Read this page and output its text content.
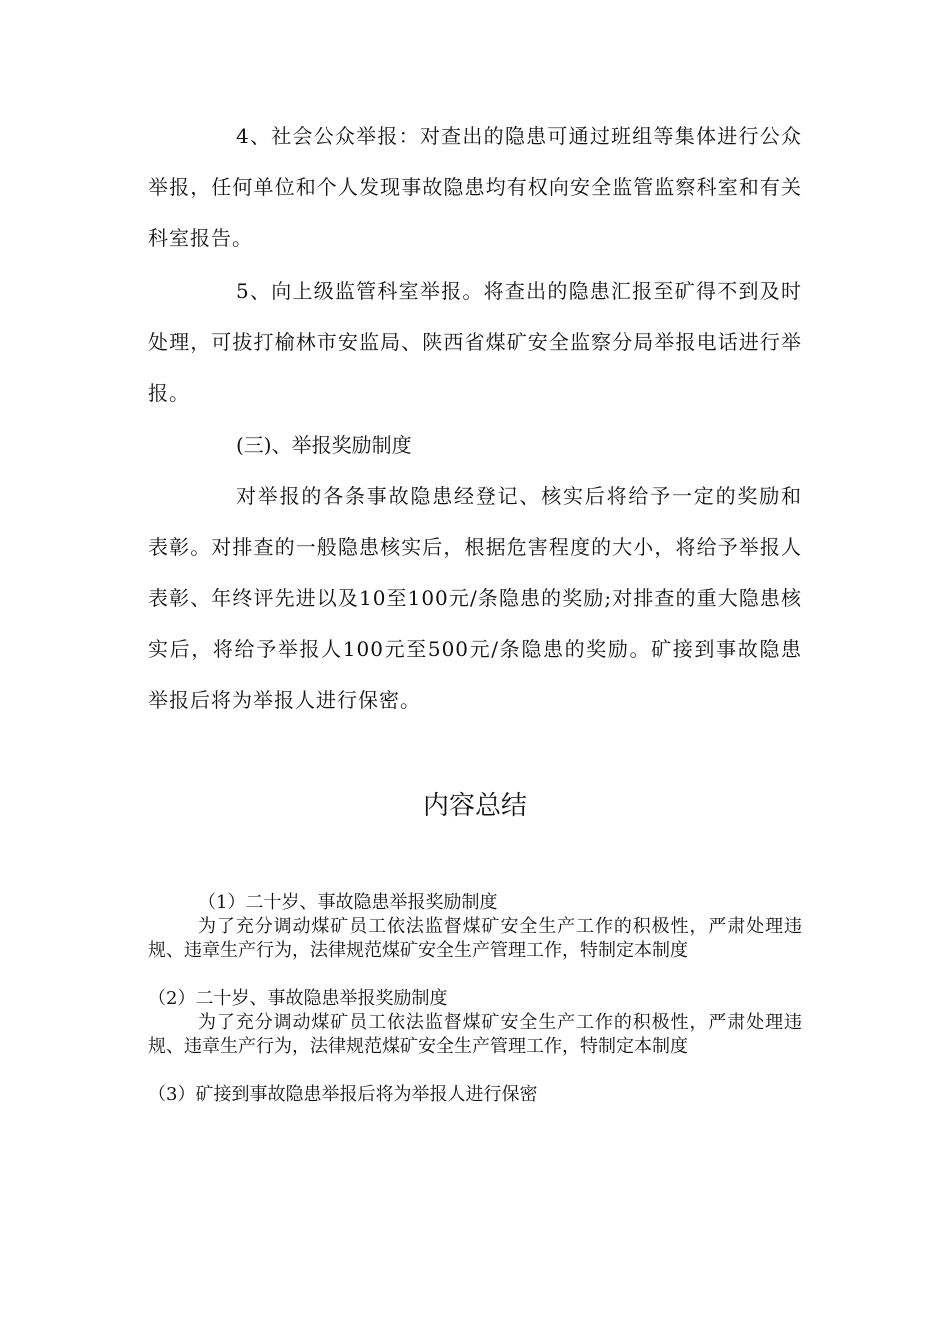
4、社会公众举报：对查出的隐患可通过班组等集体进行公众举报，任何单位和个人发现事故隐患均有权向安全监管监察科室和有关科室报告。

5、向上级监管科室举报。将查出的隐患汇报至矿得不到及时处理，可拔打榆林市安监局、陕西省煤矿安全监察分局举报电话进行举报。

(三)、举报奖励制度

对举报的各条事故隐患经登记、核实后将给予一定的奖励和表彰。对排查的一般隐患核实后，根据危害程度的大小，将给予举报人表彰、年终评先进以及10至100元/条隐患的奖励;对排查的重大隐患核实后，将给予举报人100元至500元/条隐患的奖励。矿接到事故隐患举报后将为举报人进行保密。

内容总结

（1）二十岁、事故隐患举报奖励制度

为了充分调动煤矿员工依法监督煤矿安全生产工作的积极性，严肃处理违规、违章生产行为，法律规范煤矿安全生产管理工作，特制定本制度

（2）二十岁、事故隐患举报奖励制度

为了充分调动煤矿员工依法监督煤矿安全生产工作的积极性，严肃处理违规、违章生产行为，法律规范煤矿安全生产管理工作，特制定本制度

（3）矿接到事故隐患举报后将为举报人进行保密
